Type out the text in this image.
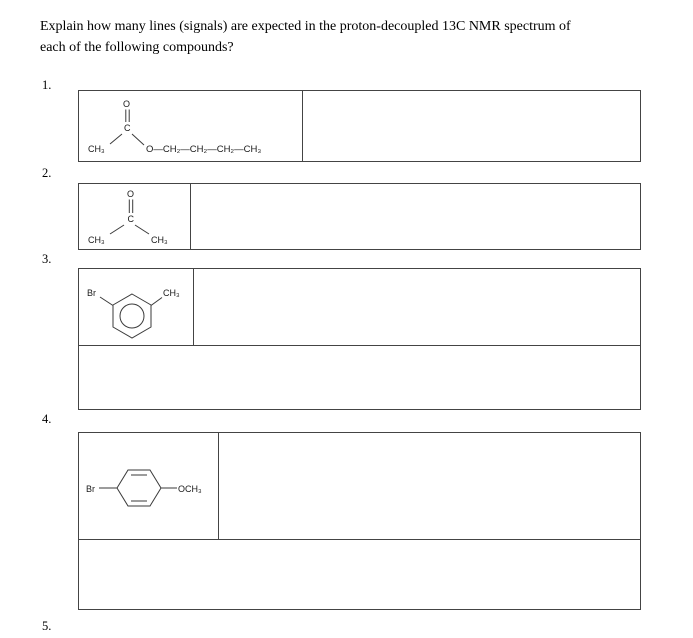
Explain how many lines (signals) are expected in the proton-decoupled 13C NMR spectrum of
each of the following compounds?
1.
O
C
CH₃	O—CH₂—CH₂—CH₂—CH₃
2.
O
C
CH₃	CH₃
3.
Br	CH₃
4.
Br	OCH₃
5.
